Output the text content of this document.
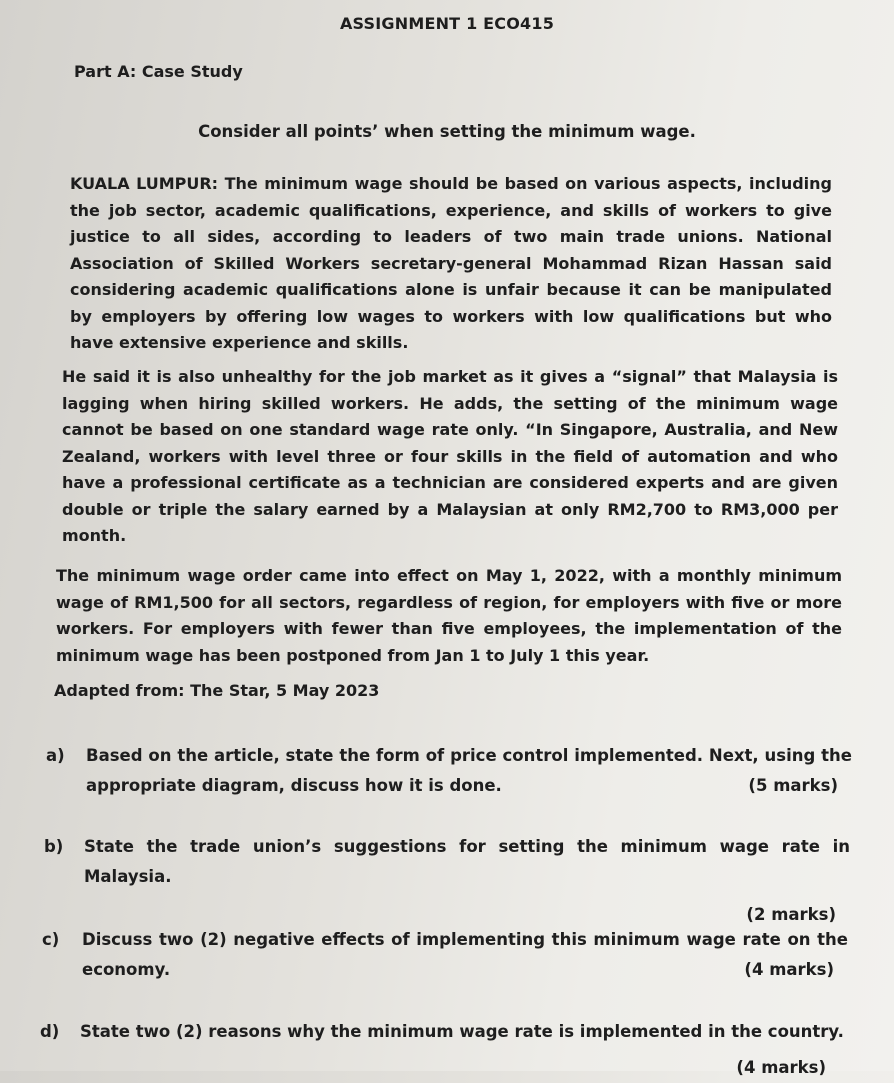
ASSIGNMENT 1 ECO415
Part A: Case Study
Consider all points’ when setting the minimum wage.

KUALA LUMPUR: The minimum wage should be based on various aspects, including the job sector, academic qualifications, experience, and skills of workers to give justice to all sides, according to leaders of two main trade unions. National Association of Skilled Workers secretary-general Mohammad Rizan Hassan said considering academic qualifications alone is unfair because it can be manipulated by employers by offering low wages to workers with low qualifications but who have extensive experience and skills.

He said it is also unhealthy for the job market as it gives a “signal” that Malaysia is lagging when hiring skilled workers. He adds, the setting of the minimum wage cannot be based on one standard wage rate only. “In Singapore, Australia, and New Zealand, workers with level three or four skills in the field of automation and who have a professional certificate as a technician are considered experts and are given double or triple the salary earned by a Malaysian at only RM2,700 to RM3,000 per month.

The minimum wage order came into effect on May 1, 2022, with a monthly minimum wage of RM1,500 for all sectors, regardless of region, for employers with five or more workers. For employers with fewer than five employees, the implementation of the minimum wage has been postponed from Jan 1 to July 1 this year.

Adapted from: The Star, 5 May 2023
a) Based on the article, state the form of price control implemented. Next, using the appropriate diagram, discuss how it is done.	(5 marks)
b) State the trade union’s suggestions for setting the minimum wage rate in Malaysia.
(2 marks)
c) Discuss two (2) negative effects of implementing this minimum wage rate on the economy.	(4 marks)
d) State two (2) reasons why the minimum wage rate is implemented in the country.
(4 marks)
